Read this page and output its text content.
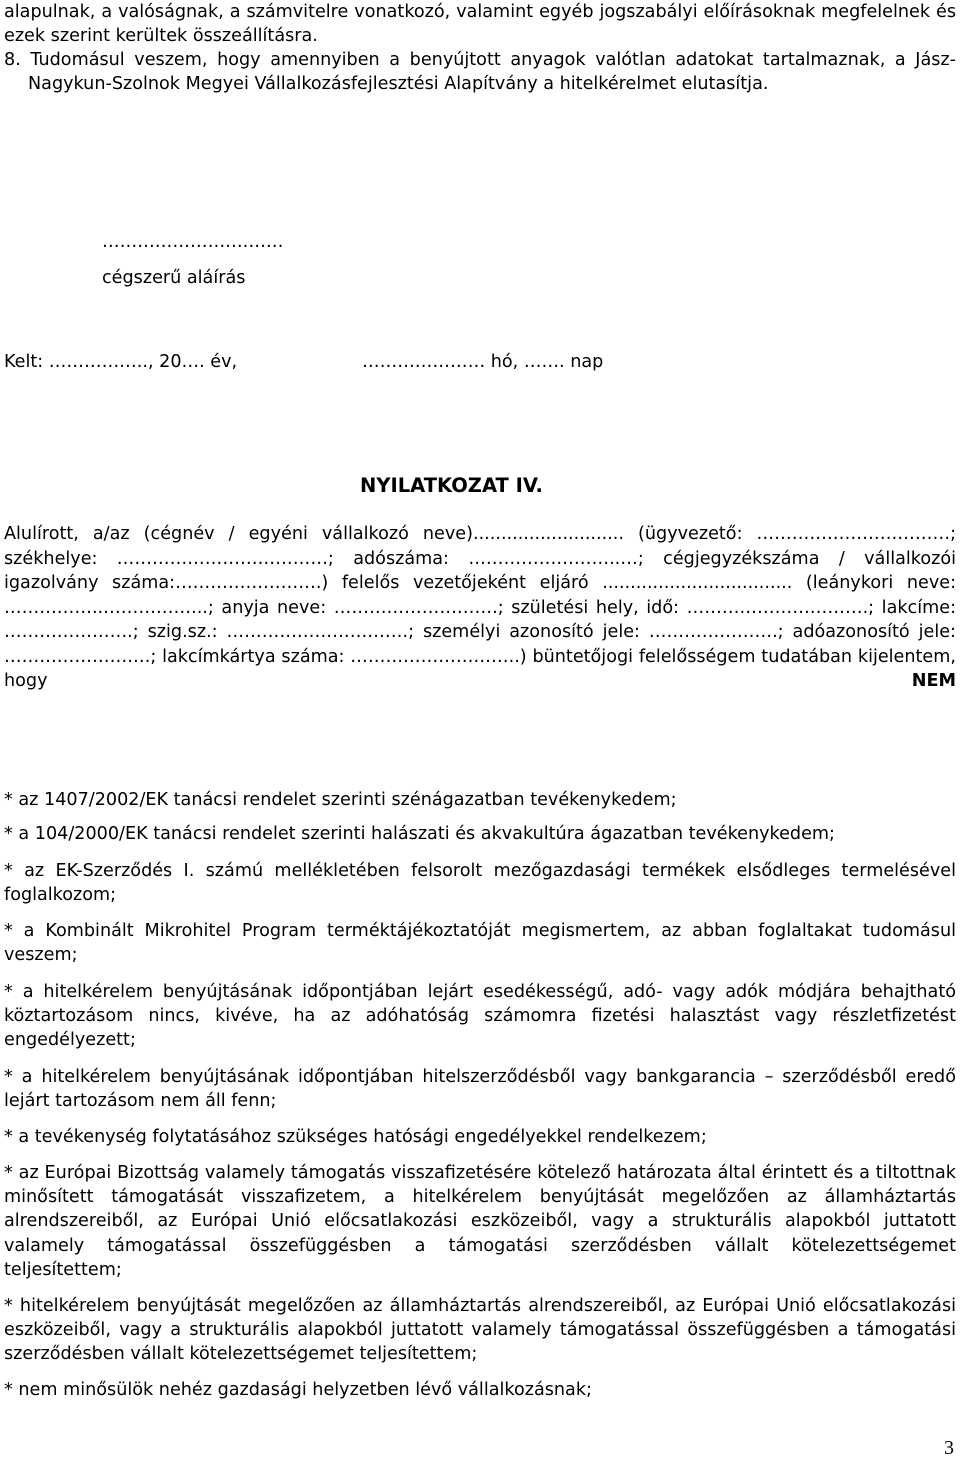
alapulnak, a valóságnak, a számvitelre vonatkozó, valamint egyéb jogszabályi előírásoknak megfelelnek és ezek szerint kerültek összeállításra.

8. Tudomásul veszem, hogy amennyiben a benyújtott anyagok valótlan adatokat tartalmaznak, a Jász-Nagykun-Szolnok Megyei Vállalkozásfejlesztési Alapítvány a hitelkérelmet elutasítja.

…………………….……

cégszerű aláírás

Kelt: …………….., 20…. év,	………………… hó, ……. nap

NYILATKOZAT IV.

Alulírott, a/az (cégnév / egyéni vállalkozó neve)........................... (ügyvezető: ……………………………; székhelye: ………………………………; adószáma: ……………………..…; cégjegyzékszáma / vállalkozói igazolvány száma:…………………….) felelős vezetőjeként eljáró .................................. (leánykori neve: ……………..……………...; anyja neve: ……………………….; születési hely, idő: ………………………….; lakcíme: ………………….; szig.sz.: ………………………….; személyi azonosító jele: ………………….; adóazonosító jele: …………………….; lakcímkártya száma: ………………………..) büntetőjogi felelősségem tudatában kijelentem, hogy	NEM

* az 1407/2002/EK tanácsi rendelet szerinti szénágazatban tevékenykedem;

* a 104/2000/EK tanácsi rendelet szerinti halászati és akvakultúra ágazatban tevékenykedem;

* az EK-Szerződés I. számú mellékletében felsorolt mezőgazdasági termékek elsődleges termelésével foglalkozom;

* a Kombinált Mikrohitel Program terméktájékoztatóját megismertem, az abban foglaltakat tudomásul veszem;

* a hitelkérelem benyújtásának időpontjában lejárt esedékességű, adó- vagy adók módjára behajtható köztartozásom nincs, kivéve, ha az adóhatóság számomra fizetési halasztást vagy részletfizetést engedélyezett;

* a hitelkérelem benyújtásának időpontjában hitelszerződésből vagy bankgarancia – szerződésből eredő lejárt tartozásom nem áll fenn;

* a tevékenység folytatásához szükséges hatósági engedélyekkel rendelkezem;

* az Európai Bizottság valamely támogatás visszafizetésére kötelező határozata által érintett és a tiltottnak minősített támogatását visszafizetem, a hitelkérelem benyújtását megelőzően az államháztartás alrendszereiből, az Európai Unió előcsatlakozási eszközeiből, vagy a strukturális alapokból juttatott valamely támogatással összefüggésben a támogatási szerződésben vállalt kötelezettségemet teljesítettem;

* hitelkérelem benyújtását megelőzően az államháztartás alrendszereiből, az Európai Unió előcsatlakozási eszközeiből, vagy a strukturális alapokból juttatott valamely támogatással összefüggésben a támogatási szerződésben vállalt kötelezettségemet teljesítettem;

* nem minősülök nehéz gazdasági helyzetben lévő vállalkozásnak;

3
